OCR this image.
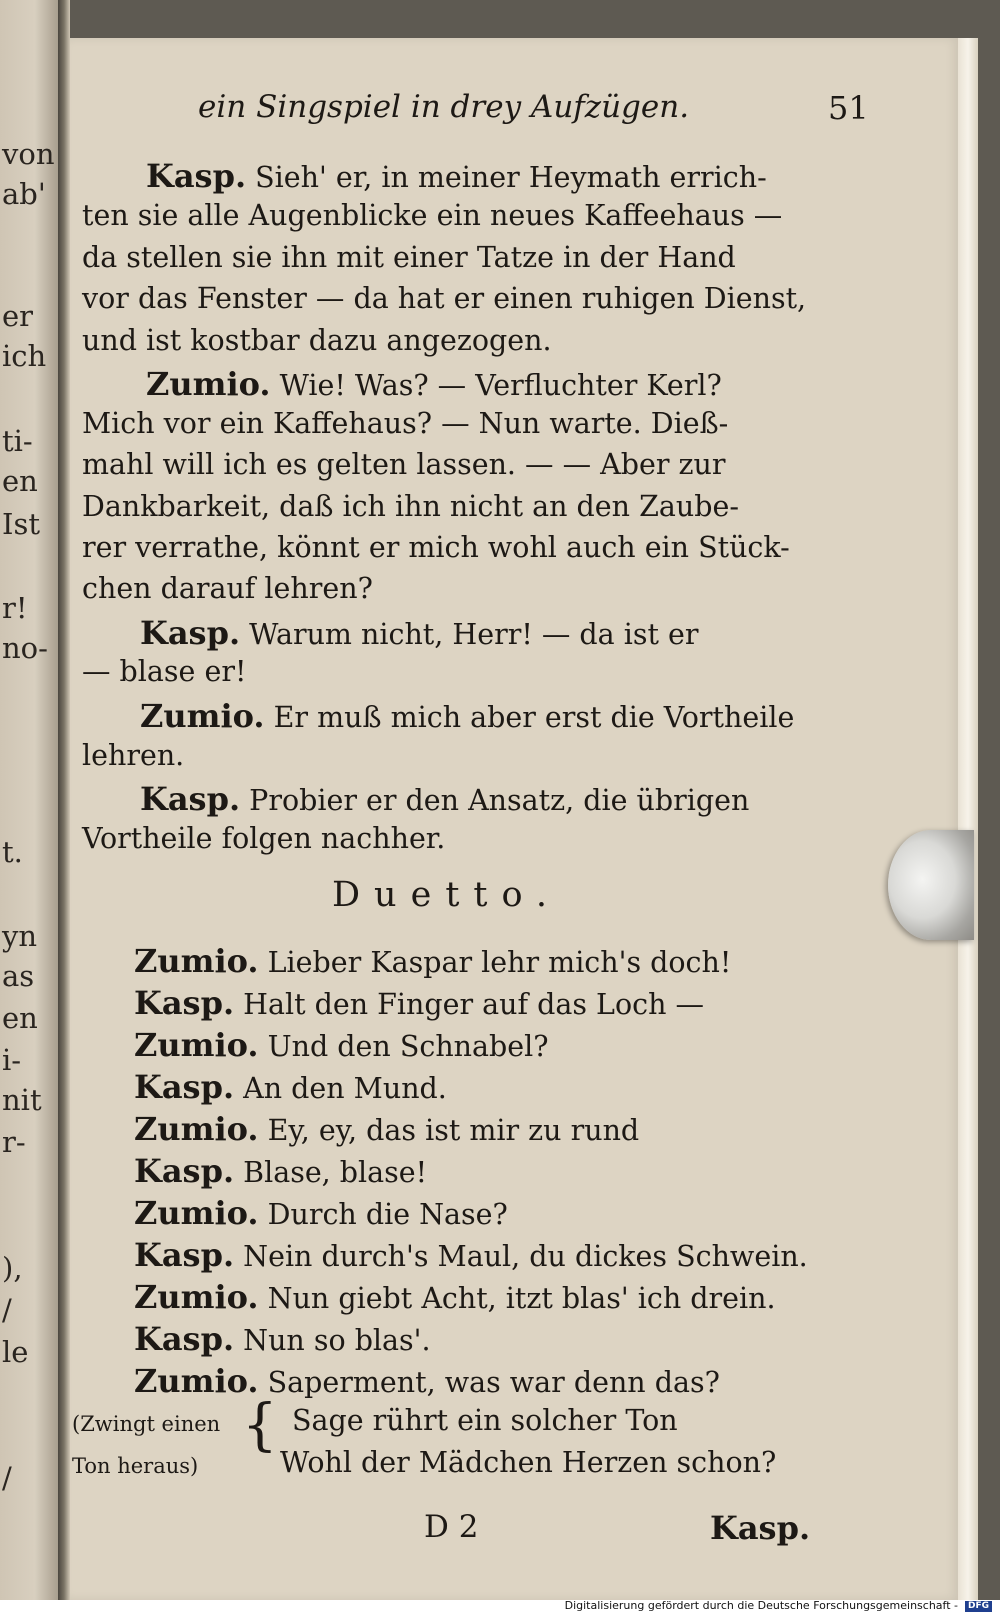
von
ab'
er
ich
ti-
en
Ist
r!
no-
t.
yn
as
en
i-
nit
r-
),
/
le
/
ein Singspiel in drey Aufzügen.	51
Kasp. Sieh' er, in meiner Heymath errich-
ten sie alle Augenblicke ein neues Kaffeehaus —
da stellen sie ihn mit einer Tatze in der Hand
vor das Fenster — da hat er einen ruhigen Dienst,
und ist kostbar dazu angezogen.
Zumio. Wie! Was? — Verfluchter Kerl?
Mich vor ein Kaffehaus? — Nun warte. Dieß-
mahl will ich es gelten lassen. — — Aber zur
Dankbarkeit, daß ich ihn nicht an den Zaube-
rer verrathe, könnt er mich wohl auch ein Stück-
chen darauf lehren?
Kasp. Warum nicht, Herr! — da ist er
— blase er!
Zumio. Er muß mich aber erst die Vortheile
lehren.
Kasp. Probier er den Ansatz, die übrigen
Vortheile folgen nachher.
Duetto.
Zumio. Lieber Kaspar lehr mich's doch!
Kasp. Halt den Finger auf das Loch —
Zumio. Und den Schnabel?
Kasp. An den Mund.
Zumio. Ey, ey, das ist mir zu rund
Kasp. Blase, blase!
Zumio. Durch die Nase?
Kasp. Nein durch's Maul, du dickes Schwein.
Zumio. Nun giebt Acht, itzt blas' ich drein.
Kasp. Nun so blas'.
Zumio. Saperment, was war denn das?
(Zwingt einen
Ton heraus)
{ Sage rührt ein solcher Ton
Wohl der Mädchen Herzen schon?
D 2	Kasp.
Digitalisierung gefördert durch die Deutsche Forschungsgemeinschaft -	DFG
